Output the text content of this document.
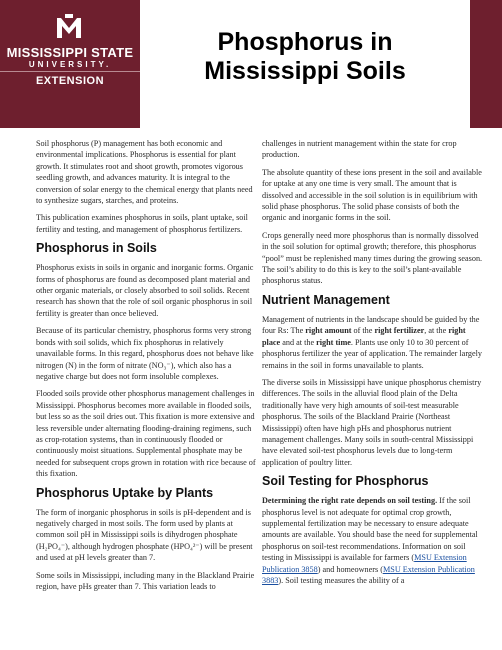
MISSISSIPPI STATE
UNIVERSITY.
EXTENSION
Phosphorus in
Mississippi Soils

Soil phosphorus (P) management has both economic and environmental implications. Phosphorus is essential for plant growth. It stimulates root and shoot growth, promotes vigorous seedling growth, and advances maturity. It is integral to the conversion of solar energy to the chemical energy that plants need to synthesize sugars, starches, and proteins.

This publication examines phosphorus in soils, plant uptake, soil fertility and testing, and management of phosphorus fertilizers.

Phosphorus in Soils

Phosphorus exists in soils in organic and inorganic forms. Organic forms of phosphorus are found as decomposed plant material and other organic materials, or closely absorbed to soil solids. Recent research has shown that the role of soil organic phosphorus in soil fertility is greater than once believed.

Because of its particular chemistry, phosphorus forms very strong bonds with soil solids, which fix phosphorus in relatively unavailable forms. In this regard, phosphorus does not behave like nitrogen (N) in the form of nitrate (NO₃⁻), which also has a negative charge but does not form insoluble complexes.

Flooded soils provide other phosphorus management challenges in Mississippi. Phosphorus becomes more available in flooded soils, but less so as the soil dries out. This fixation is more extensive and less reversible under alternating flooding-draining regimens, such as crop-rotation systems, than in continuously flooded or continuously moist situations. Supplemental phosphate may be needed for subsequent crops grown in rotation with rice because of this fixation.

Phosphorus Uptake by Plants

The form of inorganic phosphorus in soils is pH-dependent and is negatively charged in most soils. The form used by plants at common soil pH in Mississippi soils is dihydrogen phosphate (H₂PO₄⁻), although hydrogen phosphate (HPO₄²⁻) will be present and used at pH levels greater than 7.

Some soils in Mississippi, including many in the Blackland Prairie region, have pHs greater than 7. This variation leads to

challenges in nutrient management within the state for crop production.

The absolute quantity of these ions present in the soil and available for uptake at any one time is very small. The amount that is dissolved and accessible in the soil solution is in equilibrium with solid phase phosphorus. The solid phase consists of both the organic and inorganic forms in the soil.

Crops generally need more phosphorus than is normally dissolved in the soil solution for optimal growth; therefore, this phosphorus “pool” must be replenished many times during the growing season. The soil’s ability to do this is key to the soil’s plant-available phosphorus status.

Nutrient Management

Management of nutrients in the landscape should be guided by the four Rs: The right amount of the right fertilizer, at the right place and at the right time. Plants use only 10 to 30 percent of phosphorus fertilizer the year of application. The remainder largely remains in the soil in forms unavailable to plants.

The diverse soils in Mississippi have unique phosphorus chemistry differences. The soils in the alluvial flood plain of the Delta traditionally have very high amounts of soil-test measurable phosphorus. The soils of the Blackland Prairie (Northeast Mississippi) often have high pHs and phosphorus nutrient management challenges. Many soils in south-central Mississippi have elevated soil-test phosphorus levels due to long-term application of poultry litter.

Soil Testing for Phosphorus

Determining the right rate depends on soil testing. If the soil phosphorus level is not adequate for optimal crop growth, supplemental fertilization may be necessary to ensure adequate amounts are available. You should base the need for supplemental phosphorus on soil-test recommendations. Information on soil testing in Mississippi is available for farmers (MSU Extension Publication 3858) and homeowners (MSU Extension Publication 3883). Soil testing measures the ability of a
